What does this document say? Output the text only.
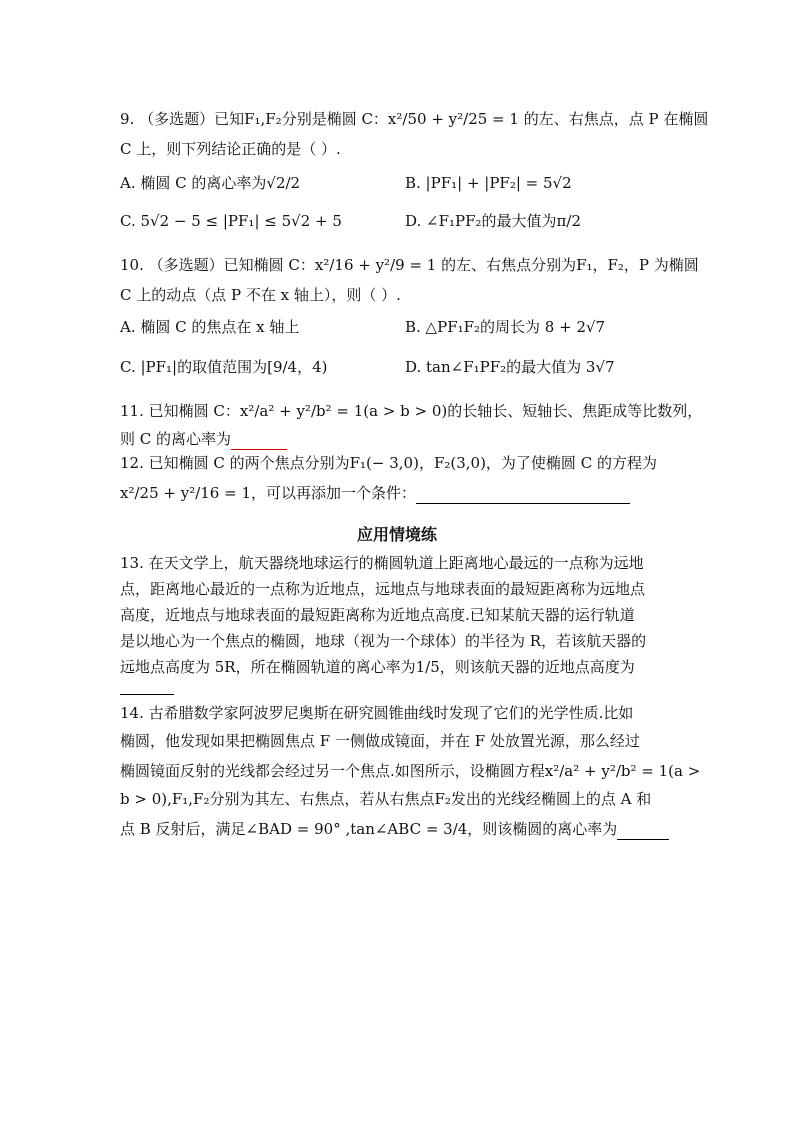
9. （多选题）已知F₁,F₂分别是椭圆 C：x²/50 + y²/25 = 1 的左、右焦点，点 P 在椭圆
C 上，则下列结论正确的是（ ）.
A. 椭圆 C 的离心率为√2/2	B. |PF₁| + |PF₂| = 5√2
C. 5√2 − 5 ≤ |PF₁| ≤ 5√2 + 5	D. ∠F₁PF₂的最大值为π/2
10. （多选题）已知椭圆 C：x²/16 + y²/9 = 1 的左、右焦点分别为F₁，F₂，P 为椭圆
C 上的动点（点 P 不在 x 轴上），则（ ）.
A. 椭圆 C 的焦点在 x 轴上	B. △PF₁F₂的周长为 8 + 2√7
C. |PF₁|的取值范围为[9/4，4)	D. tan∠F₁PF₂的最大值为 3√7
11. 已知椭圆 C：x²/a² + y²/b² = 1(a > b > 0)的长轴长、短轴长、焦距成等比数列，
则 C 的离心率为
12. 已知椭圆 C 的两个焦点分别为F₁(− 3,0)，F₂(3,0)，为了使椭圆 C 的方程为
x²/25 + y²/16 = 1，可以再添加一个条件：
应用情境练
13. 在天文学上，航天器绕地球运行的椭圆轨道上距离地心最远的一点称为远地
点，距离地心最近的一点称为近地点，远地点与地球表面的最短距离称为远地点
高度，近地点与地球表面的最短距离称为近地点高度.已知某航天器的运行轨道
是以地心为一个焦点的椭圆，地球（视为一个球体）的半径为 R，若该航天器的
远地点高度为 5R，所在椭圆轨道的离心率为1/5，则该航天器的近地点高度为
14. 古希腊数学家阿波罗尼奥斯在研究圆锥曲线时发现了它们的光学性质.比如
椭圆，他发现如果把椭圆焦点 F 一侧做成镜面，并在 F 处放置光源，那么经过
椭圆镜面反射的光线都会经过另一个焦点.如图所示，设椭圆方程x²/a² + y²/b² = 1(a >
b > 0),F₁,F₂分别为其左、右焦点，若从右焦点F₂发出的光线经椭圆上的点 A 和
点 B 反射后，满足∠BAD = 90° ,tan∠ABC = 3/4，则该椭圆的离心率为
